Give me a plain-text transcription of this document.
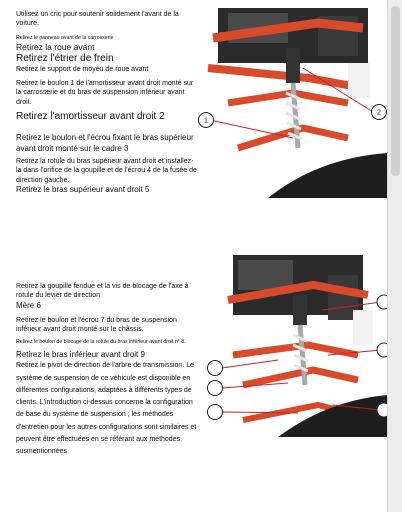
Utilisez un cric pour soutenir solidement l'avant de la voiture.

Retirez le panneau avant de la carrosserie

Retirez la roue avant

Retirez l'étrier de frein

Retirez le support de moyeu de roue avant

Retirez le boulon 1 de l'amortisseur avant droit monté sur la carrosserie et du bras de suspension inférieur avant droit.

Retirez l'amortisseur avant droit 2

Retirez le boulon et l'écrou fixant le bras supérieur avant droit monté sur le cadre 3

Retirez la rotule du bras supérieur avant droit et installez-la dans l'orifice de la goupille et de l'écrou 4 de la fusée de direction gauche.

Retirez le bras supérieur avant droit 5

Retirez la goupille fendue et la vis de blocage de l'axe à rotule du levier de direction

Mère 6

Retirez le boulon et l'écrou 7 du bras de suspension inférieur avant droit monté sur le châssis.

Retirez le boulon de blocage de la rotule du bras inférieur avant droit n° 8.

Retirez le bras inférieur avant droit 9

Retirez le pivot de direction de l'arbre de transmission. Le système de suspension de ce véhicule est disponible en différentes configurations, adaptées à différents types de clients. L'introduction ci-dessus concerne la configuration de base du système de suspension ; les méthodes d'entretien pour les autres configurations sont similaires et peuvent être effectuées en se référant aux méthodes susmentionnées.

1
2
